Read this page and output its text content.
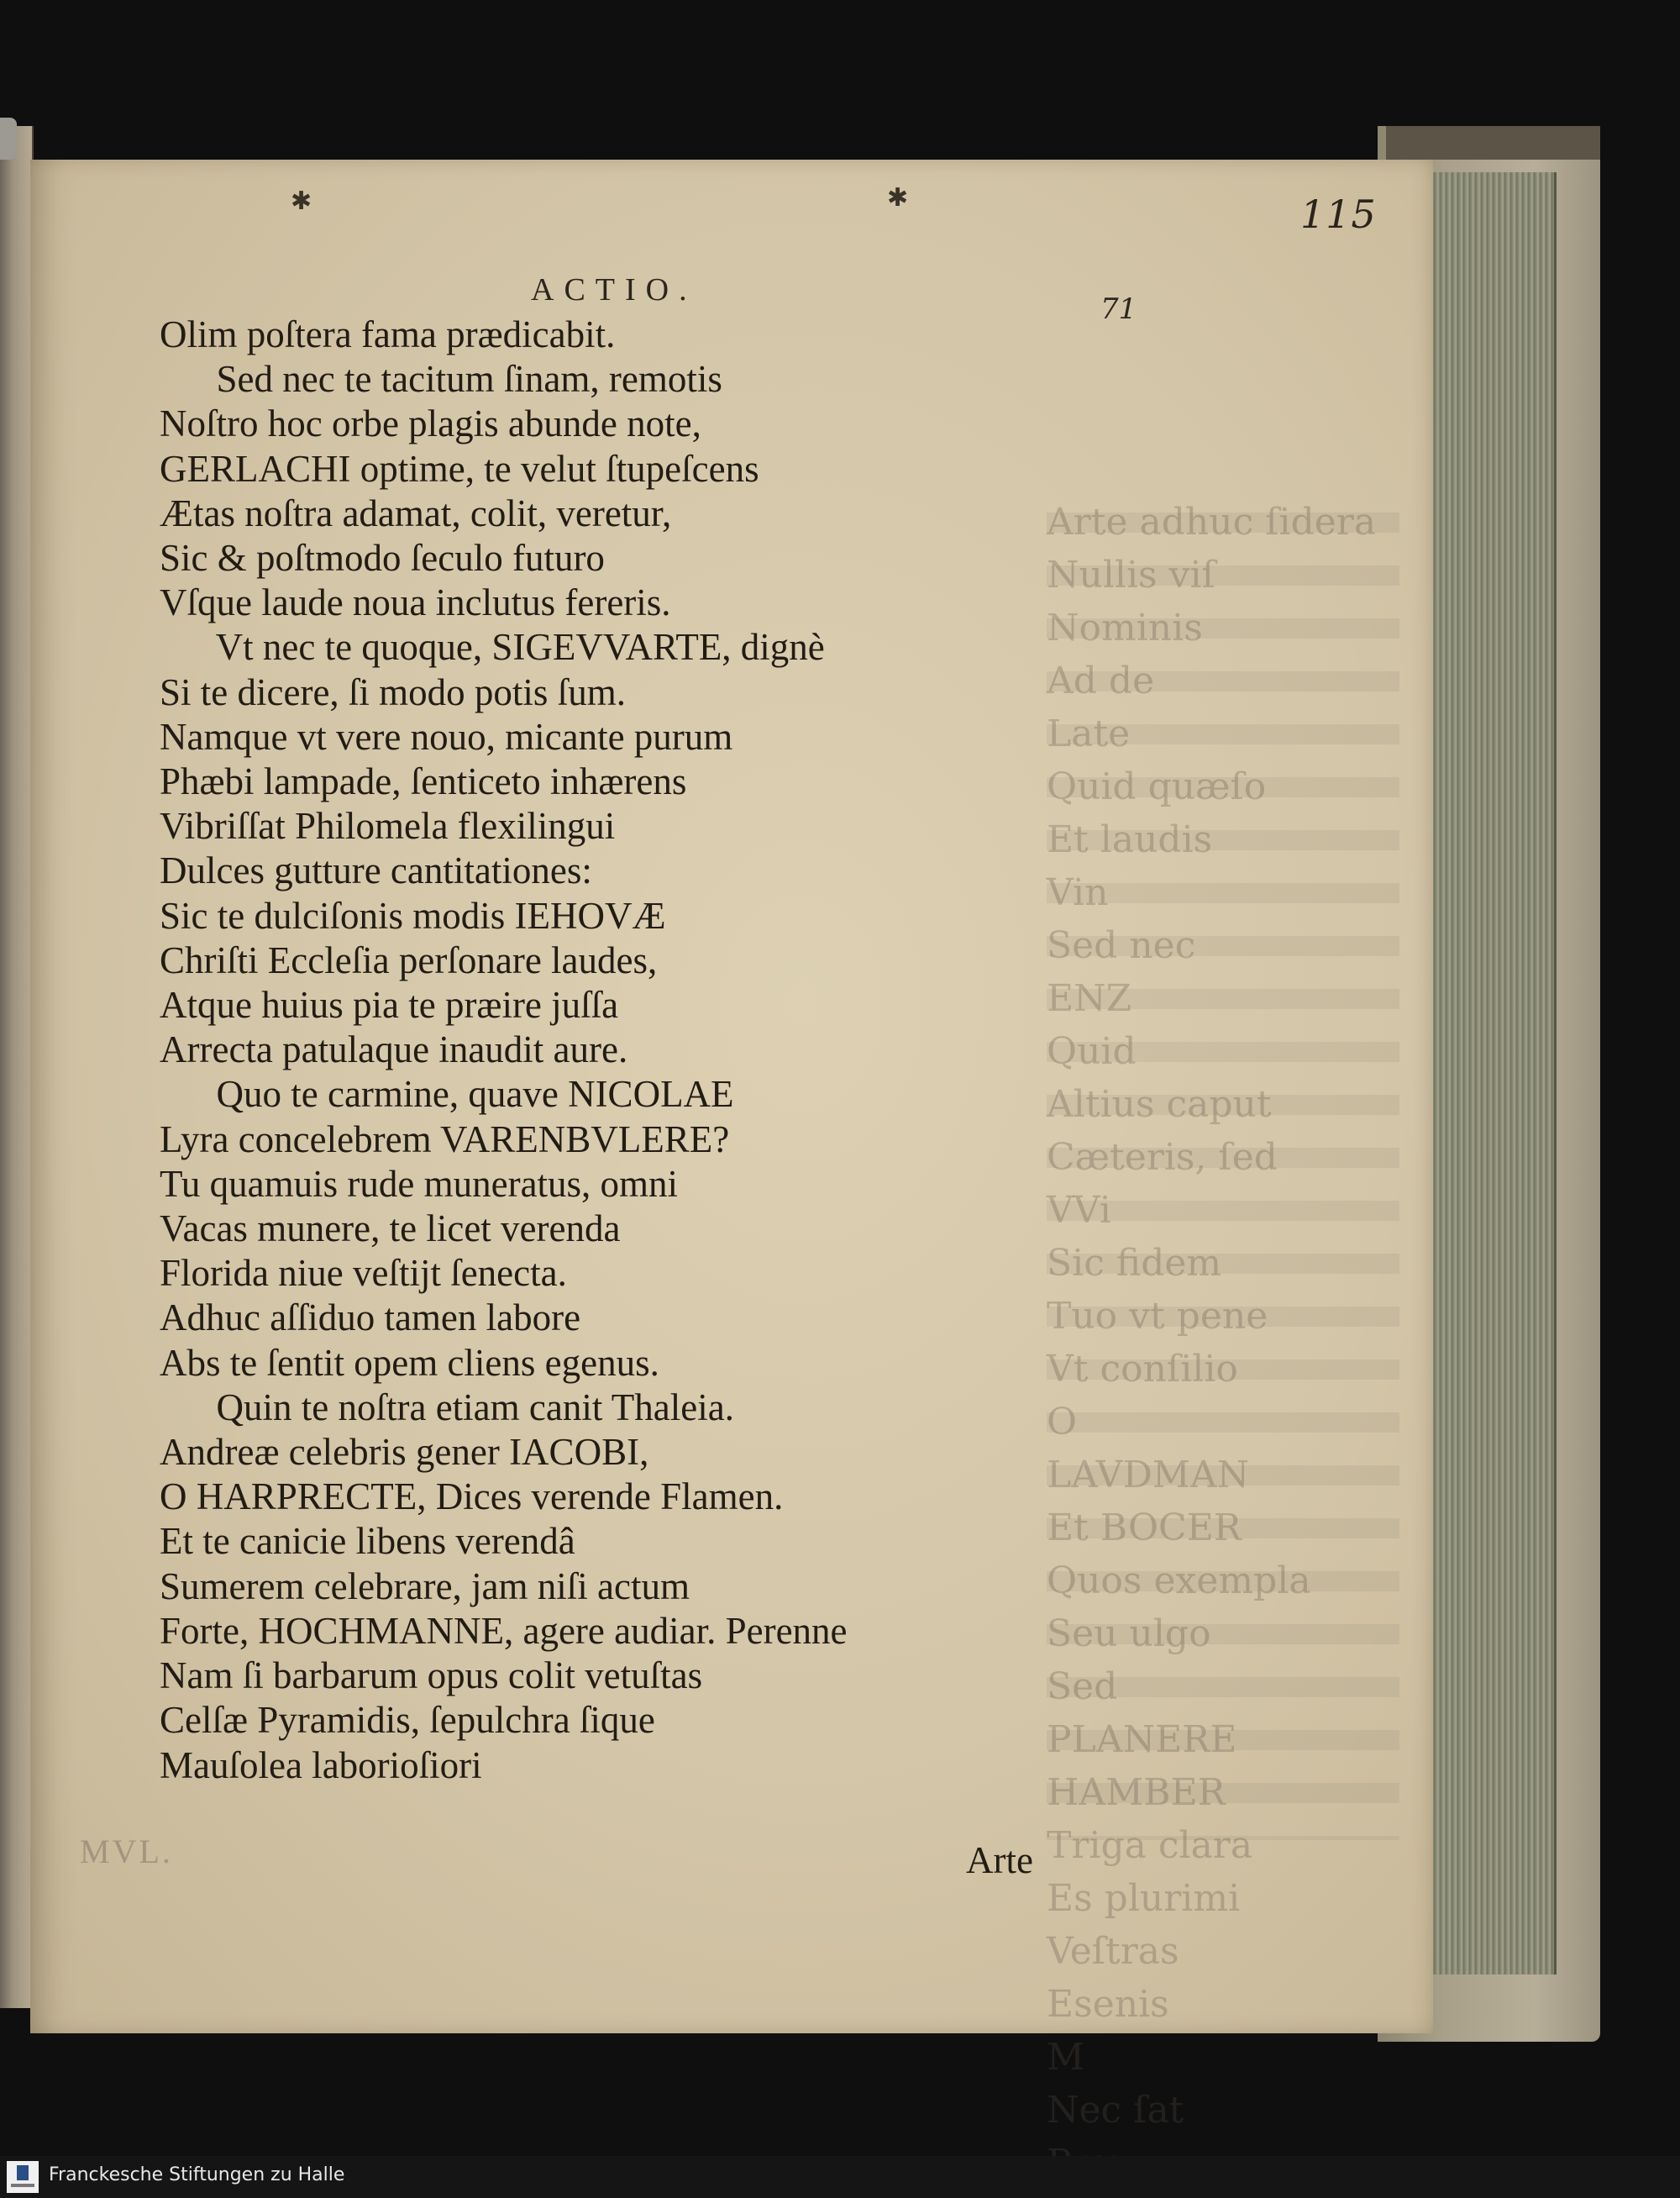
Arte adhuc ſidera
Nullis viſ
Nominis
Ad de
Late
Quid quæſo
Et laudis
Vin
Sed nec
ENZ
Quid
Altius caput
Cæteris, ſed
VVi
Sic fidem
Tuo vt pene
Vt conſilio
O
LAVDMAN
Et BOCER
Quos exempla
Seu ulgo
Sed
PLANERE
HAMBER
Triga clara
Es plurimi
Veſtras
Esenis
M
Nec ſat

✱	✱	115
71
ACTIO.
Olim poſtera fama prædicabit.
Sed nec te tacitum ſinam, remotis
Noſtro hoc orbe plagis abunde note,
GERLACHI optime, te velut ſtupeſcens
Ætas noſtra adamat, colit, veretur,
Sic & poſtmodo ſeculo futuro
Vſque laude noua inclutus fereris.
Vt nec te quoque, SIGEVVARTE, dignè
Si te dicere, ſi modo potis ſum.
Namque vt vere nouo, micante purum
Phæbi lampade, ſenticeto inhærens
Vibriſſat Philomela flexilingui
Dulces gutture cantitationes:
Sic te dulciſonis modis IEHOVÆ
Chriſti Eccleſia perſonare laudes,
Atque huius pia te præire juſſa
Arrecta patulaque inaudit aure.
Quo te carmine, quave NICOLAE
Lyra concelebrem VARENBVLERE?
Tu quamuis rude muneratus, omni
Vacas munere, te licet verenda
Florida niue veſtijt ſenecta.
Adhuc aſſiduo tamen labore
Abs te ſentit opem cliens egenus.
Quin te noſtra etiam canit Thaleia.
Andreæ celebris gener IACOBI,
O HARPRECTE, Dices verende Flamen.
Et te canicie libens verendâ
Sumerem celebrare, jam niſi actum
Forte, HOCHMANNE, agere audiar. Perenne
Nam ſi barbarum opus colit vetuſtas
Celſæ Pyramidis, ſepulchra ſique
Mauſolea laborioſiori
MVL.	Arte
Franckesche Stiftungen zu Halle
